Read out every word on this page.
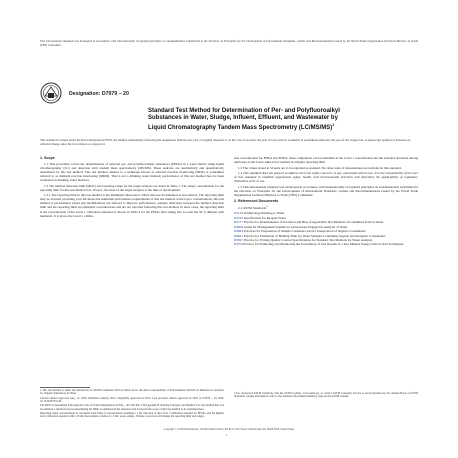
This international standard was developed in accordance with internationally recognized principles on standardization established in the Decision on Principles for the Development of International Standards, Guides and Recommendations issued by the World Trade Organization Technical Barriers to Trade (TBT) Committee.
Designation: D7979 − 20
Standard Test Method for Determination of Per- and Polyfluoroalkyl Substances in Water, Sludge, Influent, Effluent, and Wastewater by Liquid Chromatography Tandem Mass Spectrometry $(LC/MS/MS)^1$
This standard is issued under the fixed designation D7979; the number immediately following the designation indicates the year of original adoption or, in the case of revision, the year of last revision. A number in parentheses indicates the year of last reapproval. A superscript epsilon (ε) indicates an editorial change since the last revision or reapproval.
1. Scope

1.1 This procedure covers the determination of selected per- and polyfluoroalkyl substances (PFASs) in a water matrix using liquid chromatography (LC) and detection with tandem mass spectrometry (MS/MS). These analytes are qualitatively and quantitatively determined by this test method. This test method adheres to a technique known as selected reaction monitoring (SRM) or sometimes referred to as multiple reaction monitoring (MRM). This is not a drinking water method; performance of this test method has not been evaluated on drinking water matrices.

1.2 The method detection limit (MDL) and reporting range for the target analytes are listed in Table 1. The target concentration for the reporting limit for this test method was 10 ng/L, the most of the target analytes at the time of development.

1.2.1 The reporting limit in this test method is the minimum value below which data are documented as non-detects. The reporting limit may be lowered providing your lab meets the minimum performance requirements of this test method at the lower concentrations; this test method is performance based and modifications are allowed to improve performance. Analyte detections between the method detection limit and the reporting limit are estimated concentrations and are not reported following this test method. In most cases, the reporting limit is the concentration of the Level 1 calibration standard as shown in Table 4 for the PFASs after taking into account the 50 % dilution with methanol. It is above the Level 1 calibra-

tion concentration for FHEA and FOEA; these compounds can be identified at the Level 1 concentration but the standard deviation among replicates at this lower spike level resulted in a higher reporting limit.

1.3 The values stated in SI units are to be regarded as standard. No other units of measurement are included in this standard.

1.4 This standard does not purport to address all of the safety concerns, if any, associated with its use. It is the responsibility of the user of this standard to establish appropriate safety, health, and environmental practices and determine the applicability of regulatory limitations prior to use.

1.5 This international standard was developed in accordance with internationally recognized principles on standardization established in the Decision on Principles for the Development of International Standards, Guides and Recommendations issued by the World Trade Organization Technical Barriers to Trade (TBT) Committee.

2. Referenced Documents

2.1 ASTM Standards:$^2$

D1129 Terminology Relating to Water
D1193 Specification for Reagent Water
D2777 Practice for Determination of Precision and Bias of Applicable Test Methods of Committee D19 on Water
D3856 Guide for Management Systems in Laboratories Engaged in Analysis of Water
D3694 Practices for Preparation of Sample Containers and for Preservation of Organic Constituents
D4841 Practice for Estimation of Holding Time for Water Samples Containing Organic and Inorganic Constituents
D5847 Practice for Writing Quality Control Specifications for Standard Test Methods for Water Analysis
E2554 Practice for Estimating and Monitoring the Uncertainty of Test Results of a Test Method Using Control Chart Techniques

1 This test method is under the jurisdiction of ASTM Committee D19 on Water and is the direct responsibility of Subcommittee D19.06 on Methods for Analysis for Organic Substances in Water.

Current edition approved Aug. 15, 2020. Published January 2021. Originally approved in 2015. Last previous edition approved in 2019 as D7979 – 19. DOI: 10.1520/D7979-20.

The MDL is determined following the Code of Federal Regulations (CFR) – 40 CFR Part 136 Appendix B utilizing Ultrapure and Method. For any method that was not utilized, a detailed process determining the MDL is explained in the reference and is beyond the scope of this test method to be explained here.

Reporting range concentrations is calculated from Table 4 concentrations assuming a 1 mL injection of the Level 1 calibration standard for PFASs, and the highest level calibration standard with a 50 mL final sample volume of a 5 mL water sample. Volume correction will change the reporting limit and ranges.

2 For referenced ASTM standards, visit the ASTM website, www.astm.org, or contact ASTM Customer Service at service@astm.org. For Annual Book of ASTM Standards volume information, refer to the standard's Document Summary page on the ASTM website.

Copyright © ASTM International, 100 Barr Harbor Drive, PO Box C700, West Conshohocken, PA 19428-2959. United States
1
